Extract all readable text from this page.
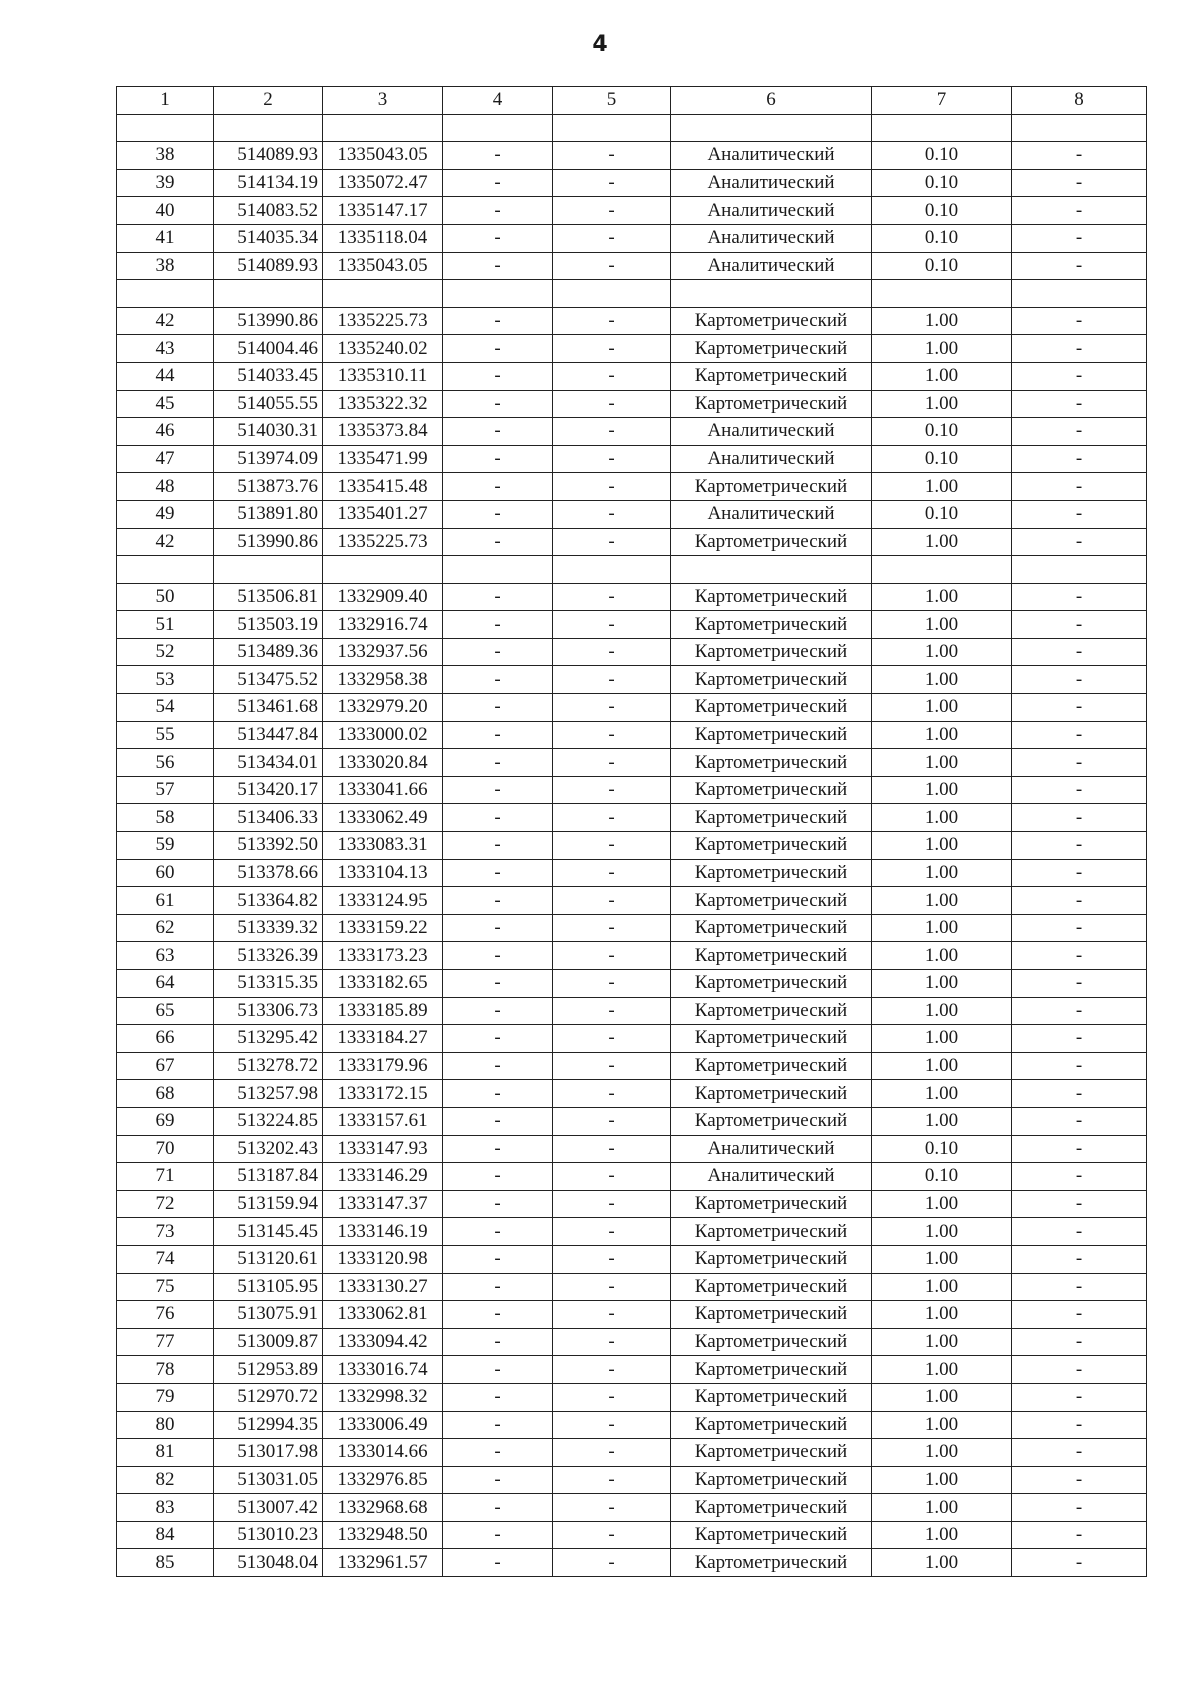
4
1	2	3	4	5	6	7	8

38	514089.93	1335043.05	-	-	Аналитический	0.10	-
39	514134.19	1335072.47	-	-	Аналитический	0.10	-
40	514083.52	1335147.17	-	-	Аналитический	0.10	-
41	514035.34	1335118.04	-	-	Аналитический	0.10	-
38	514089.93	1335043.05	-	-	Аналитический	0.10	-

42	513990.86	1335225.73	-	-	Картометрический	1.00	-
43	514004.46	1335240.02	-	-	Картометрический	1.00	-
44	514033.45	1335310.11	-	-	Картометрический	1.00	-
45	514055.55	1335322.32	-	-	Картометрический	1.00	-
46	514030.31	1335373.84	-	-	Аналитический	0.10	-
47	513974.09	1335471.99	-	-	Аналитический	0.10	-
48	513873.76	1335415.48	-	-	Картометрический	1.00	-
49	513891.80	1335401.27	-	-	Аналитический	0.10	-
42	513990.86	1335225.73	-	-	Картометрический	1.00	-

50	513506.81	1332909.40	-	-	Картометрический	1.00	-
51	513503.19	1332916.74	-	-	Картометрический	1.00	-
52	513489.36	1332937.56	-	-	Картометрический	1.00	-
53	513475.52	1332958.38	-	-	Картометрический	1.00	-
54	513461.68	1332979.20	-	-	Картометрический	1.00	-
55	513447.84	1333000.02	-	-	Картометрический	1.00	-
56	513434.01	1333020.84	-	-	Картометрический	1.00	-
57	513420.17	1333041.66	-	-	Картометрический	1.00	-
58	513406.33	1333062.49	-	-	Картометрический	1.00	-
59	513392.50	1333083.31	-	-	Картометрический	1.00	-
60	513378.66	1333104.13	-	-	Картометрический	1.00	-
61	513364.82	1333124.95	-	-	Картометрический	1.00	-
62	513339.32	1333159.22	-	-	Картометрический	1.00	-
63	513326.39	1333173.23	-	-	Картометрический	1.00	-
64	513315.35	1333182.65	-	-	Картометрический	1.00	-
65	513306.73	1333185.89	-	-	Картометрический	1.00	-
66	513295.42	1333184.27	-	-	Картометрический	1.00	-
67	513278.72	1333179.96	-	-	Картометрический	1.00	-
68	513257.98	1333172.15	-	-	Картометрический	1.00	-
69	513224.85	1333157.61	-	-	Картометрический	1.00	-
70	513202.43	1333147.93	-	-	Аналитический	0.10	-
71	513187.84	1333146.29	-	-	Аналитический	0.10	-
72	513159.94	1333147.37	-	-	Картометрический	1.00	-
73	513145.45	1333146.19	-	-	Картометрический	1.00	-
74	513120.61	1333120.98	-	-	Картометрический	1.00	-
75	513105.95	1333130.27	-	-	Картометрический	1.00	-
76	513075.91	1333062.81	-	-	Картометрический	1.00	-
77	513009.87	1333094.42	-	-	Картометрический	1.00	-
78	512953.89	1333016.74	-	-	Картометрический	1.00	-
79	512970.72	1332998.32	-	-	Картометрический	1.00	-
80	512994.35	1333006.49	-	-	Картометрический	1.00	-
81	513017.98	1333014.66	-	-	Картометрический	1.00	-
82	513031.05	1332976.85	-	-	Картометрический	1.00	-
83	513007.42	1332968.68	-	-	Картометрический	1.00	-
84	513010.23	1332948.50	-	-	Картометрический	1.00	-
85	513048.04	1332961.57	-	-	Картометрический	1.00	-
